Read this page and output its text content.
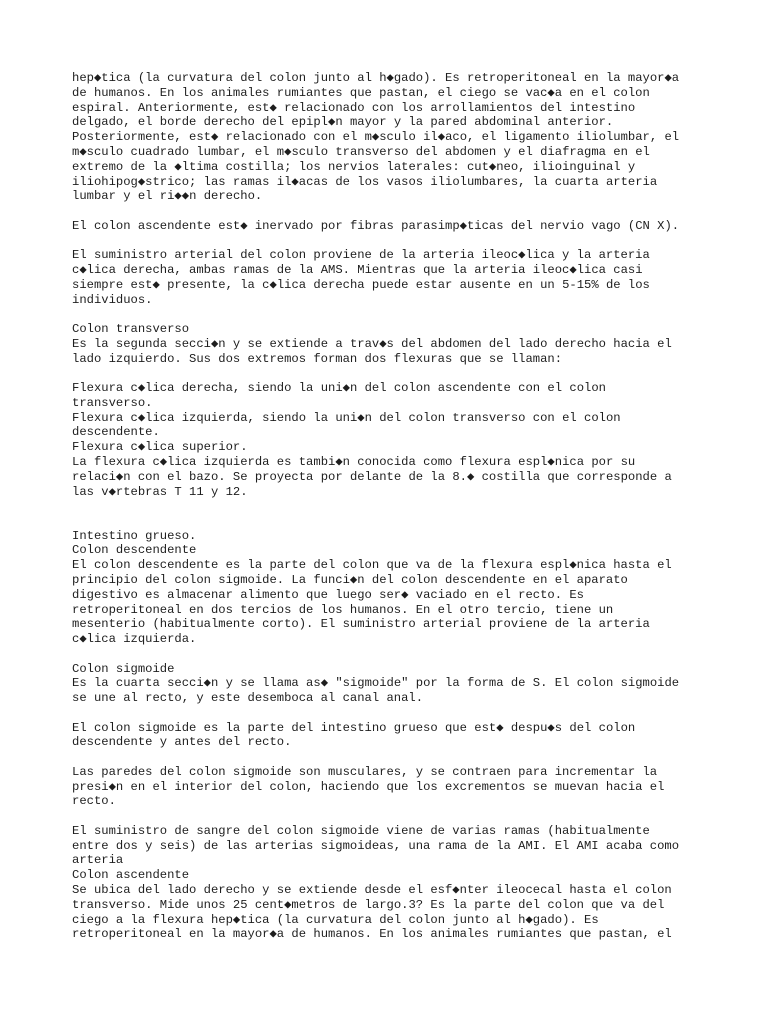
hep◆tica (la curvatura del colon junto al h◆gado). Es retroperitoneal en la mayor◆a
de humanos. En los animales rumiantes que pastan, el ciego se vac◆a en el colon
espiral. Anteriormente, est◆ relacionado con los arrollamientos del intestino
delgado, el borde derecho del epipl◆n mayor y la pared abdominal anterior.
Posteriormente, est◆ relacionado con el m◆sculo il◆aco, el ligamento iliolumbar, el
m◆sculo cuadrado lumbar, el m◆sculo transverso del abdomen y el diafragma en el
extremo de la ◆ltima costilla; los nervios laterales: cut◆neo, ilioinguinal y
iliohipog◆strico; las ramas il◆acas de los vasos iliolumbares, la cuarta arteria
lumbar y el ri◆◆n derecho.
El colon ascendente est◆ inervado por fibras parasimp◆ticas del nervio vago (CN X).
El suministro arterial del colon proviene de la arteria ileoc◆lica y la arteria
c◆lica derecha, ambas ramas de la AMS. Mientras que la arteria ileoc◆lica casi
siempre est◆ presente, la c◆lica derecha puede estar ausente en un 5-15% de los
individuos.
Colon transverso
Es la segunda secci◆n y se extiende a trav◆s del abdomen del lado derecho hacia el
lado izquierdo. Sus dos extremos forman dos flexuras que se llaman:
Flexura c◆lica derecha, siendo la uni◆n del colon ascendente con el colon
transverso.
Flexura c◆lica izquierda, siendo la uni◆n del colon transverso con el colon
descendente.
Flexura c◆lica superior.
La flexura c◆lica izquierda es tambi◆n conocida como flexura espl◆nica por su
relaci◆n con el bazo. Se proyecta por delante de la 8.◆ costilla que corresponde a
las v◆rtebras T 11 y 12.
Intestino grueso.
Colon descendente
El colon descendente es la parte del colon que va de la flexura espl◆nica hasta el
principio del colon sigmoide. La funci◆n del colon descendente en el aparato
digestivo es almacenar alimento que luego ser◆ vaciado en el recto. Es
retroperitoneal en dos tercios de los humanos. En el otro tercio, tiene un
mesenterio (habitualmente corto). El suministro arterial proviene de la arteria
c◆lica izquierda.
Colon sigmoide
Es la cuarta secci◆n y se llama as◆ "sigmoide" por la forma de S. El colon sigmoide
se une al recto, y este desemboca al canal anal.
El colon sigmoide es la parte del intestino grueso que est◆ despu◆s del colon
descendente y antes del recto.
Las paredes del colon sigmoide son musculares, y se contraen para incrementar la
presi◆n en el interior del colon, haciendo que los excrementos se muevan hacia el
recto.
El suministro de sangre del colon sigmoide viene de varias ramas (habitualmente
entre dos y seis) de las arterias sigmoideas, una rama de la AMI. El AMI acaba como
arteria
Colon ascendente
Se ubica del lado derecho y se extiende desde el esf◆nter ileocecal hasta el colon
transverso. Mide unos 25 cent◆metros de largo.3? Es la parte del colon que va del
ciego a la flexura hep◆tica (la curvatura del colon junto al h◆gado). Es
retroperitoneal en la mayor◆a de humanos. En los animales rumiantes que pastan, el
